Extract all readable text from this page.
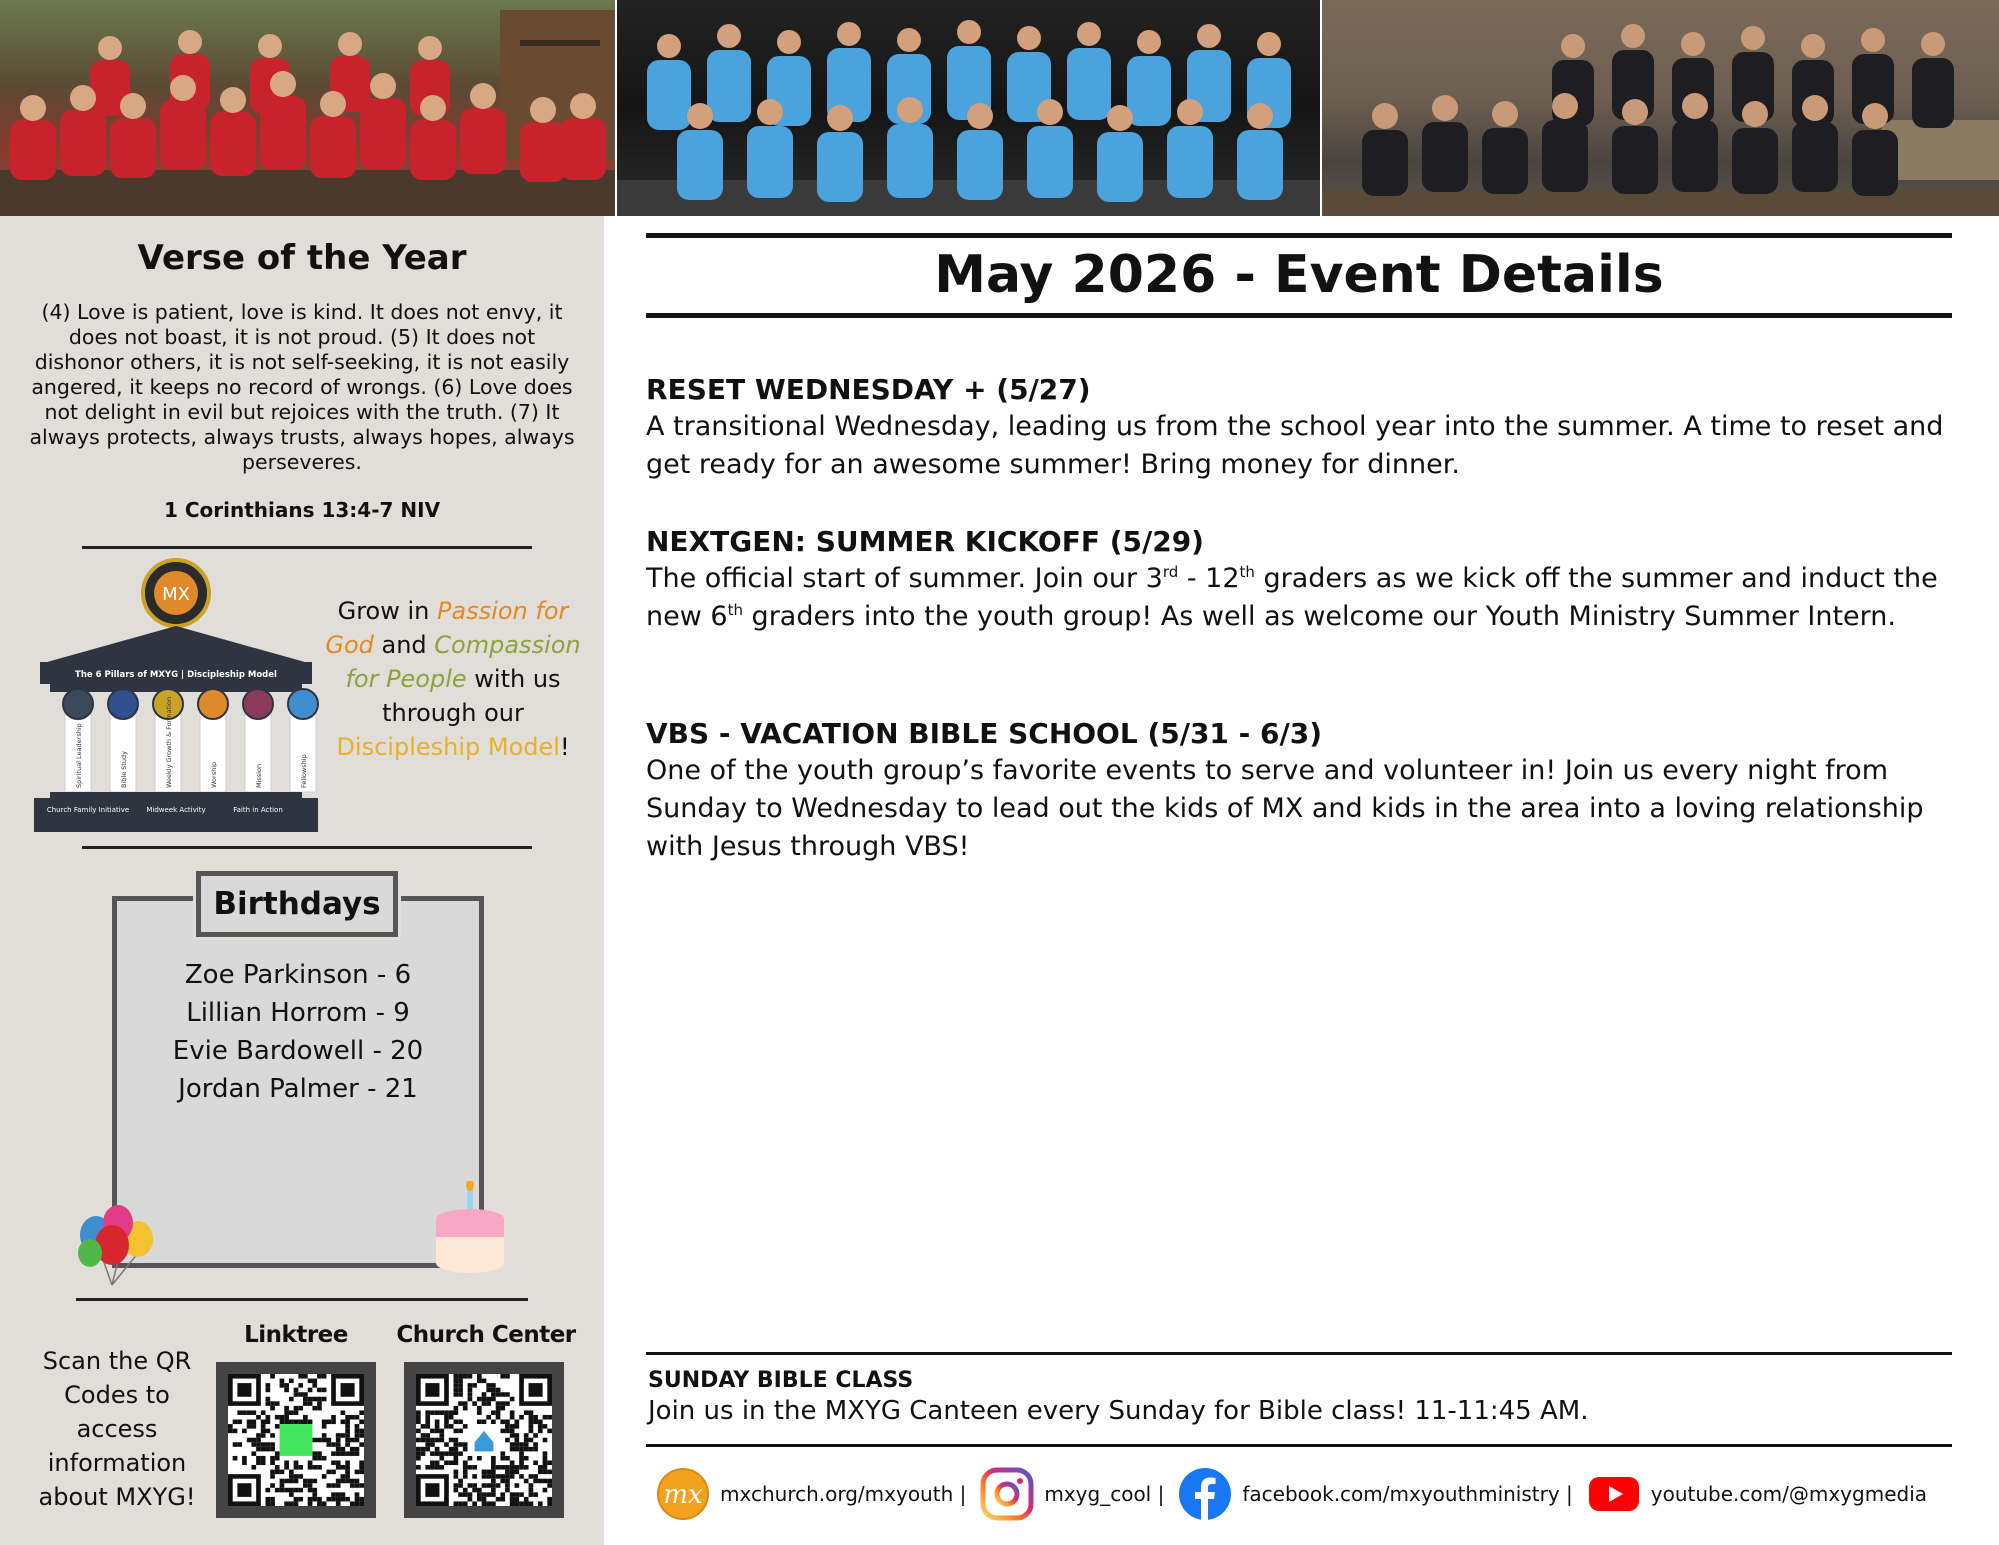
Verse of the Year
(4) Love is patient, love is kind. It does not envy, it does not boast, it is not proud. (5) It does not dishonor others, it is not self-seeking, it is not easily angered, it keeps no record of wrongs. (6) Love does not delight in evil but rejoices with the truth. (7) It always protects, always trusts, always hopes, always perseveres.
1 Corinthians 13:4-7 NIV
MX
The 6 Pillars of MXYG | Discipleship Model
Spiritual Leadership	Bible Study	Weekly Growth & Formation	Worship	Mission	Fellowship
Church Family Initiative Midweek Activity	Faith in Action
Grow in Passion for God and Compassion for People with us through our Discipleship Model!
Birthdays
Zoe Parkinson - 6
Lillian Horrom - 9
Evie Bardowell - 20
Jordan Palmer - 21
Scan the QR Codes to access information about MXYG!
Linktree	Church Center
May 2026 - Event Details
RESET WEDNESDAY + (5/27)
A transitional Wednesday, leading us from the school year into the summer. A time to reset and get ready for an awesome summer! Bring money for dinner.
NEXTGEN: SUMMER KICKOFF (5/29)
The official start of summer. Join our 3rd - 12th graders as we kick off the summer and induct the new 6th graders into the youth group! As well as welcome our Youth Ministry Summer Intern.
VBS - VACATION BIBLE SCHOOL (5/31 - 6/3)
One of the youth group’s favorite events to serve and volunteer in! Join us every night from Sunday to Wednesday to lead out the kids of MX and kids in the area into a loving relationship with Jesus through VBS!
SUNDAY BIBLE CLASS
Join us in the MXYG Canteen every Sunday for Bible class! 11-11:45 AM.
mx mxchurch.org/mxyouth |	mxyg_cool |	facebook.com/mxyouthministry |	youtube.com/@mxygmedia
